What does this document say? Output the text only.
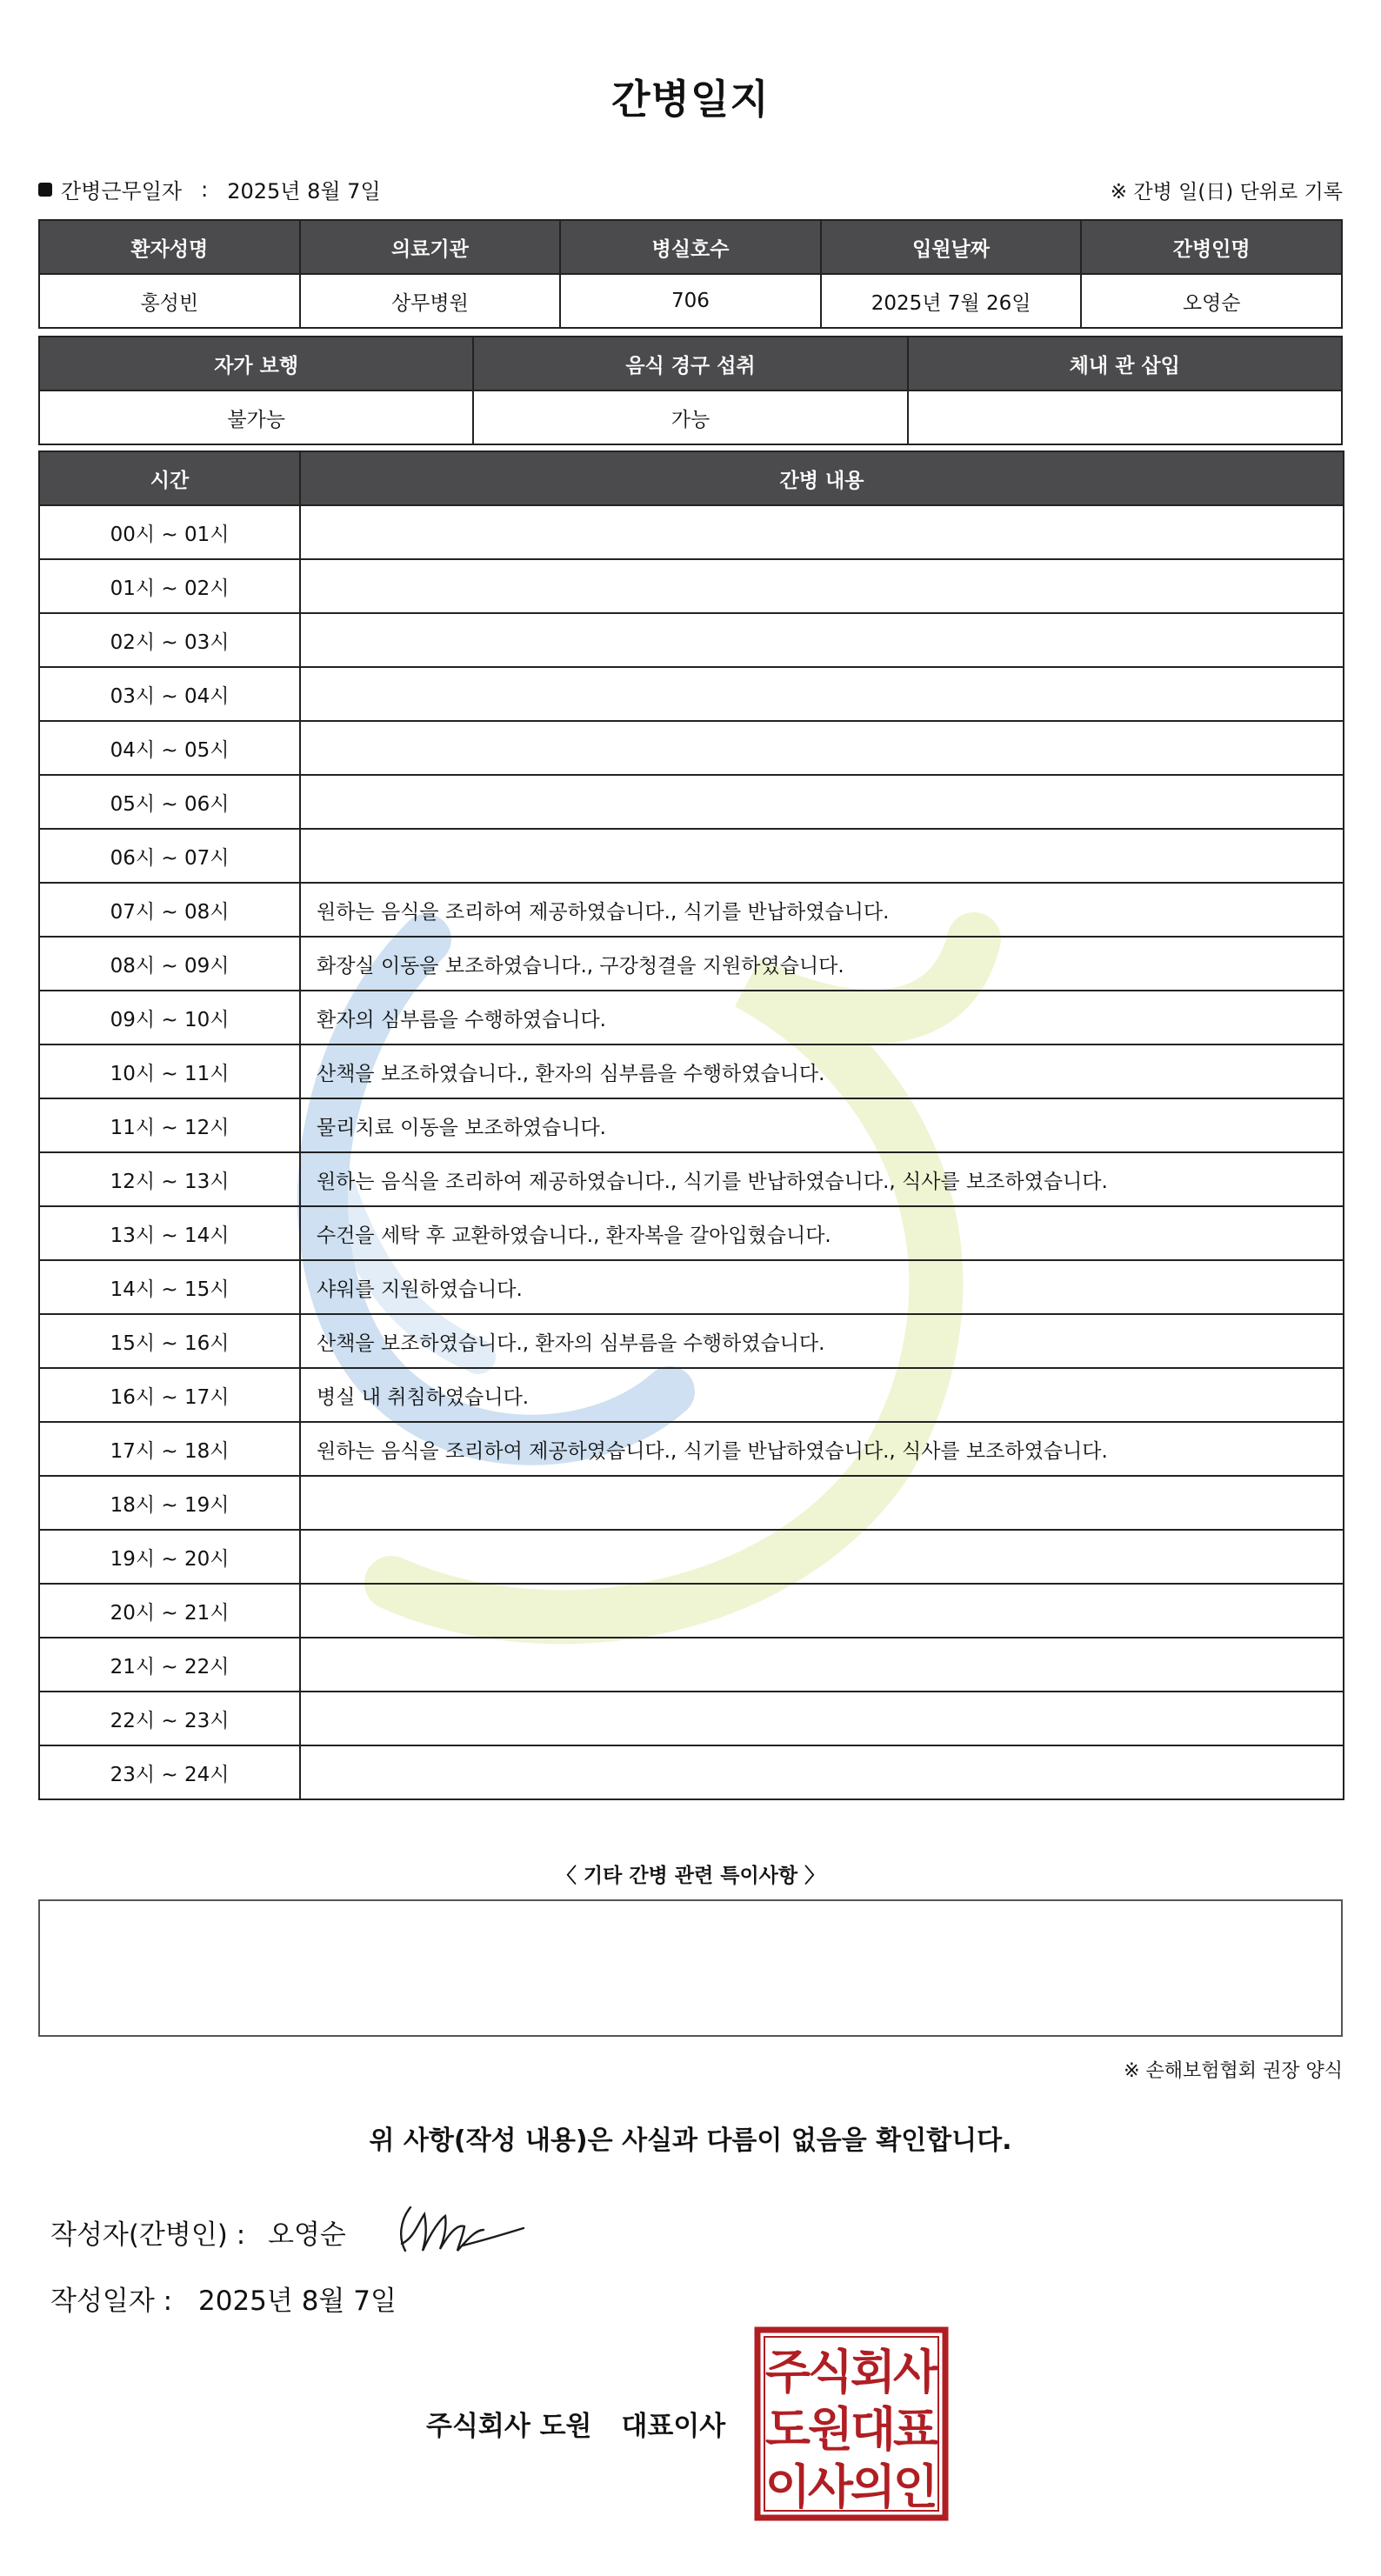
간병일지
간병근무일자 : 2025년 8월 7일	※ 간병 일(日) 단위로 기록
환자성명	의료기관	병실호수	입원날짜	간병인명
홍성빈	상무병원	706	2025년 7월 26일	오영순
자가 보행	음식 경구 섭취	체내 관 삽입
불가능	가능	
시간	간병 내용
00시 ~ 01시	
01시 ~ 02시	
02시 ~ 03시	
03시 ~ 04시	
04시 ~ 05시	
05시 ~ 06시	
06시 ~ 07시	
07시 ~ 08시	원하는 음식을 조리하여 제공하였습니다., 식기를 반납하였습니다.
08시 ~ 09시	화장실 이동을 보조하였습니다., 구강청결을 지원하였습니다.
09시 ~ 10시	환자의 심부름을 수행하였습니다.
10시 ~ 11시	산책을 보조하였습니다., 환자의 심부름을 수행하였습니다.
11시 ~ 12시	물리치료 이동을 보조하였습니다.
12시 ~ 13시	원하는 음식을 조리하여 제공하였습니다., 식기를 반납하였습니다., 식사를 보조하였습니다.
13시 ~ 14시	수건을 세탁 후 교환하였습니다., 환자복을 갈아입혔습니다.
14시 ~ 15시	샤워를 지원하였습니다.
15시 ~ 16시	산책을 보조하였습니다., 환자의 심부름을 수행하였습니다.
16시 ~ 17시	병실 내 취침하였습니다.
17시 ~ 18시	원하는 음식을 조리하여 제공하였습니다., 식기를 반납하였습니다., 식사를 보조하였습니다.
18시 ~ 19시	
19시 ~ 20시	
20시 ~ 21시	
21시 ~ 22시	
22시 ~ 23시	
23시 ~ 24시	
〈 기타 간병 관련 특이사항 〉
※ 손해보험협회 권장 양식
위 사항(작성 내용)은 사실과 다름이 없음을 확인합니다.
작성자(간병인) : 오영순
작성일자 : 2025년 8월 7일
주식회사 도원 대표이사
주
식
회
사
도
원
대
표
이
사
의
인
